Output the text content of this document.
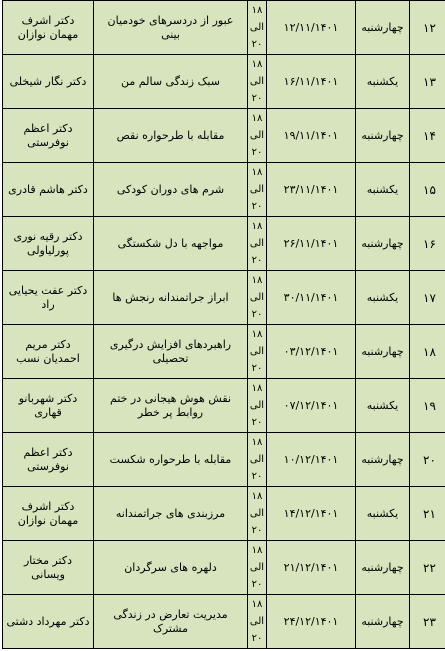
۱۲	چهارشنبه	۱۲/۱۱/۱۴۰۱	۱۸
الی
۲۰	عبور از دردسرهای خودمیان بینی	دکتر اشرف مهمان نوازان
۱۳	یکشنبه	۱۶/۱۱/۱۴۰۱	۱۸
الی
۲۰	سبک زندگی سالم من	دکتر نگار شیخلی
۱۴	چهارشنبه	۱۹/۱۱/۱۴۰۱	۱۸
الی
۲۰	مقابله با طرحواره نقص	دکتر اعظم نوفرستی
۱۵	یکشنبه	۲۳/۱۱/۱۴۰۱	۱۸
الی
۲۰	شرم های دوران کودکی	دکتر هاشم قادری
۱۶	چهارشنبه	۲۶/۱۱/۱۴۰۱	۱۸
الی
۲۰	مواجهه با دل شکستگی	دکتر رقیه نوری پورلیاولی
۱۷	یکشنبه	۳۰/۱۱/۱۴۰۱	۱۸
الی
۲۰	ابراز جراتمندانه رنجش ها	دکتر عفت یحیایی راد
۱۸	چهارشنبه	۰۳/۱۲/۱۴۰۱	۱۸
الی
۲۰	راهبردهای افزایش درگیری تحصیلی	دکتر مریم احمدیان نسب
۱۹	یکشنبه	۰۷/۱۲/۱۴۰۱	۱۸
الی
۲۰	نقش هوش هیجانی در ختم روابط پر خطر	دکتر شهربانو قهاری
۲۰	چهارشنبه	۱۰/۱۲/۱۴۰۱	۱۸
الی
۲۰	مقابله با طرحواره شکست	دکتر اعظم نوفرستی
۲۱	یکشنبه	۱۴/۱۲/۱۴۰۱	۱۸
الی
۲۰	مرزبندی های جراتمندانه	دکتر اشرف مهمان نوازان
۲۲	چهارشنبه	۲۱/۱۲/۱۴۰۱	۱۸
الی
۲۰	دلهره های سرگردان	دکتر مختار ویسانی
۲۳	چهارشنبه	۲۴/۱۲/۱۴۰۱	۱۸
الی
۲۰	مدیریت تعارض در زندگی مشترک	دکتر مهرداد دشتی
